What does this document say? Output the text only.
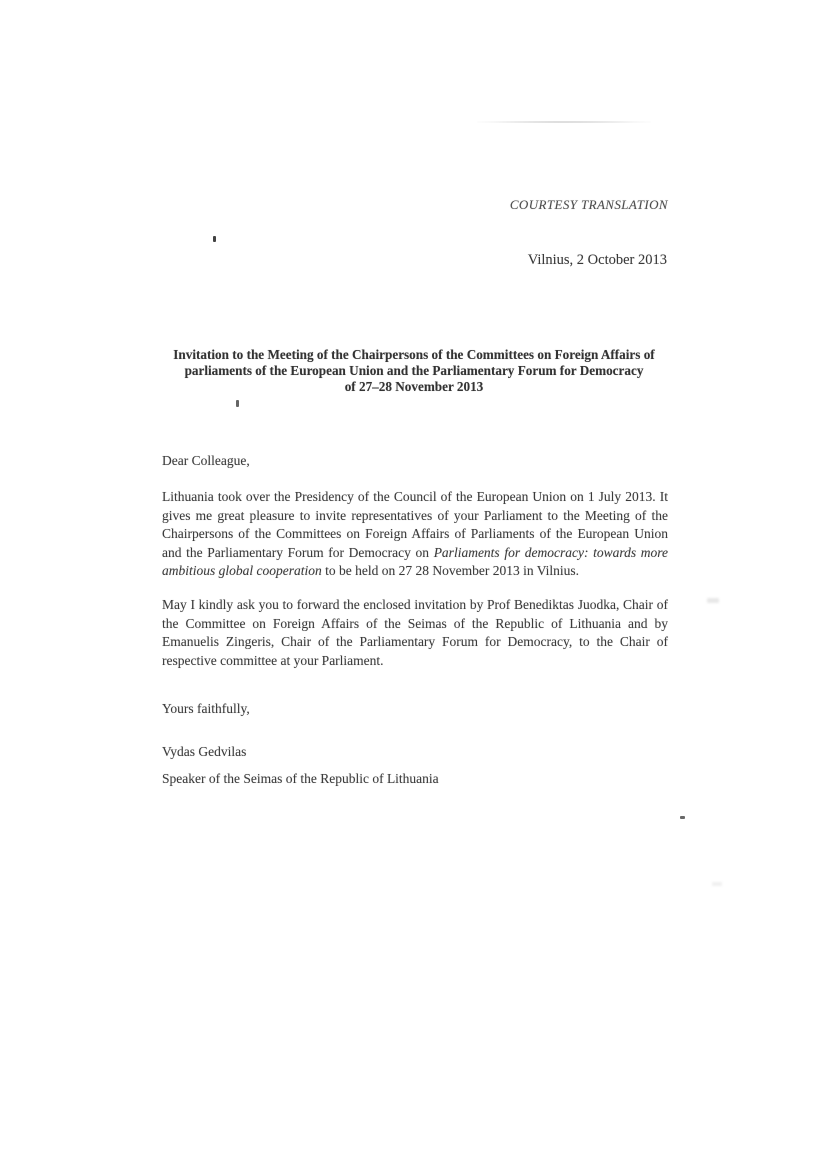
COURTESY TRANSLATION
Vilnius, 2 October 2013
Invitation to the Meeting of the Chairpersons of the Committees on Foreign Affairs of
parliaments of the European Union and the Parliamentary Forum for Democracy
of 27–28 November 2013
Dear Colleague,
Lithuania took over the Presidency of the Council of the European Union on 1 July 2013. It gives me great pleasure to invite representatives of your Parliament to the Meeting of the Chairpersons of the Committees on Foreign Affairs of Parliaments of the European Union and the Parliamentary Forum for Democracy on Parliaments for democracy: towards more ambitious global cooperation to be held on 27 28 November 2013 in Vilnius.
May I kindly ask you to forward the enclosed invitation by Prof Benediktas Juodka, Chair of the Committee on Foreign Affairs of the Seimas of the Republic of Lithuania and by Emanuelis Zingeris, Chair of the Parliamentary Forum for Democracy, to the Chair of respective committee at your Parliament.
Yours faithfully,
Vydas Gedvilas
Speaker of the Seimas of the Republic of Lithuania
